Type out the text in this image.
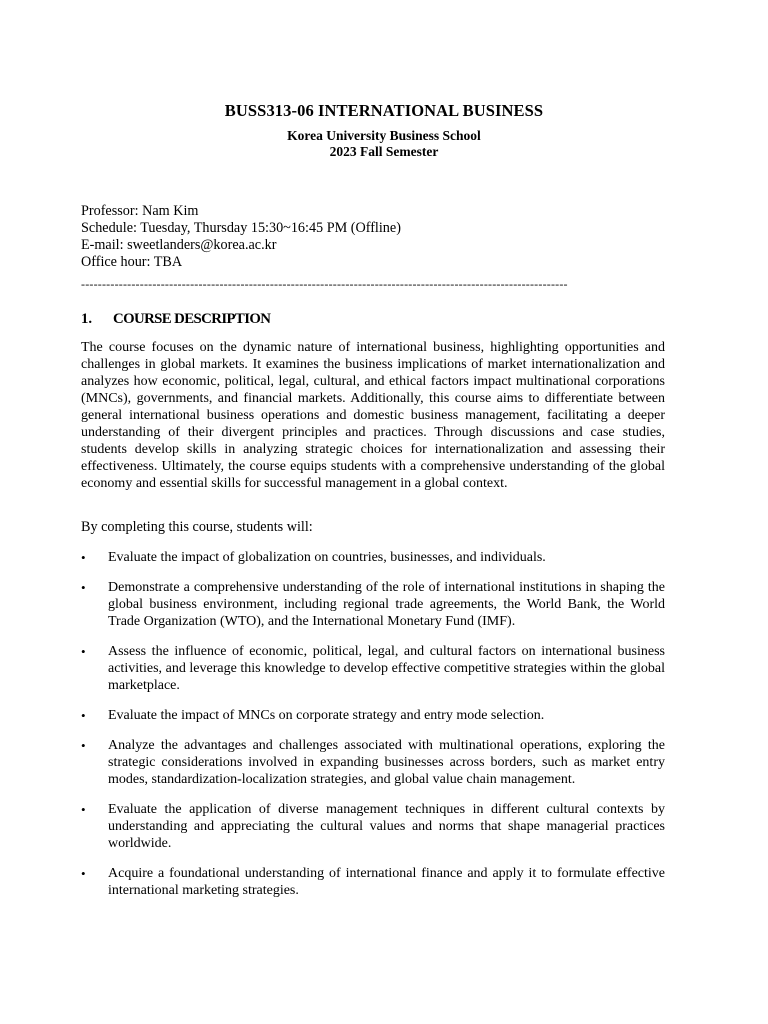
BUSS313-06 INTERNATIONAL BUSINESS
Korea University Business School
2023 Fall Semester
Professor: Nam Kim
Schedule: Tuesday, Thursday 15:30~16:45 PM (Offline)
E-mail: sweetlanders@korea.ac.kr
Office hour: TBA
--------------------------------------------------------------------------------------------------------------------
1. COURSE DESCRIPTION

The course focuses on the dynamic nature of international business, highlighting opportunities and challenges in global markets. It examines the business implications of market internationalization and analyzes how economic, political, legal, cultural, and ethical factors impact multinational corporations (MNCs), governments, and financial markets. Additionally, this course aims to differentiate between general international business operations and domestic business management, facilitating a deeper understanding of their divergent principles and practices. Through discussions and case studies, students develop skills in analyzing strategic choices for internationalization and assessing their effectiveness. Ultimately, the course equips students with a comprehensive understanding of the global economy and essential skills for successful management in a global context.

By completing this course, students will:
• Evaluate the impact of globalization on countries, businesses, and individuals.
• Demonstrate a comprehensive understanding of the role of international institutions in shaping the global business environment, including regional trade agreements, the World Bank, the World Trade Organization (WTO), and the International Monetary Fund (IMF).
• Assess the influence of economic, political, legal, and cultural factors on international business activities, and leverage this knowledge to develop effective competitive strategies within the global marketplace.
• Evaluate the impact of MNCs on corporate strategy and entry mode selection.
• Analyze the advantages and challenges associated with multinational operations, exploring the strategic considerations involved in expanding businesses across borders, such as market entry modes, standardization-localization strategies, and global value chain management.
• Evaluate the application of diverse management techniques in different cultural contexts by understanding and appreciating the cultural values and norms that shape managerial practices worldwide.
• Acquire a foundational understanding of international finance and apply it to formulate effective international marketing strategies.
